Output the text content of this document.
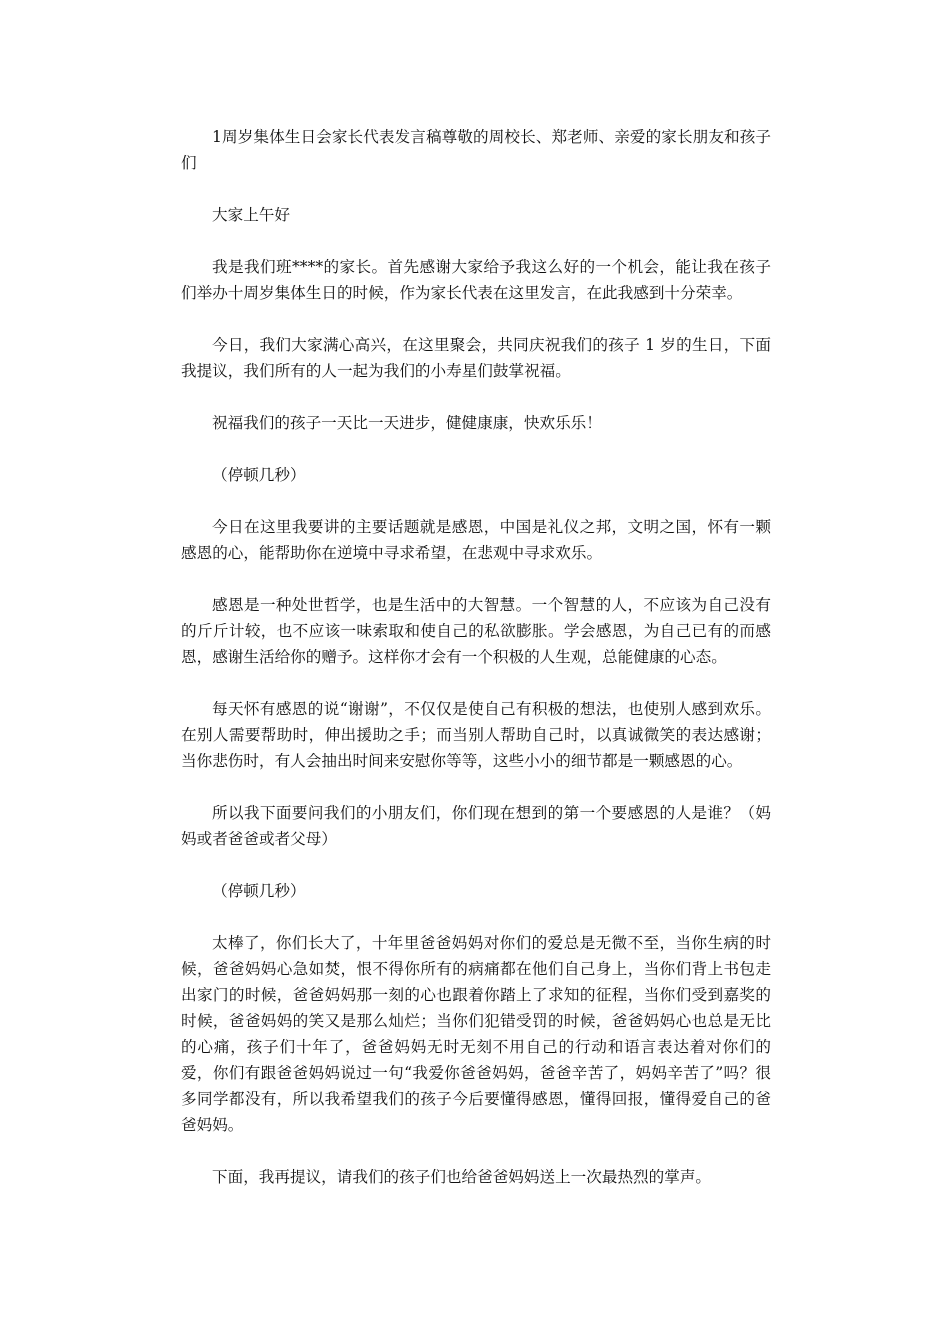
1周岁集体生日会家长代表发言稿尊敬的周校长、郑老师、亲爱的家长朋友和孩子们

大家上午好

我是我们班****的家长。首先感谢大家给予我这么好的一个机会，能让我在孩子们举办十周岁集体生日的时候，作为家长代表在这里发言，在此我感到十分荣幸。

今日，我们大家满心高兴，在这里聚会，共同庆祝我们的孩子 1 岁的生日，下面我提议，我们所有的人一起为我们的小寿星们鼓掌祝福。

祝福我们的孩子一天比一天进步，健健康康，快欢乐乐！

（停顿几秒）

今日在这里我要讲的主要话题就是感恩，中国是礼仪之邦，文明之国，怀有一颗感恩的心，能帮助你在逆境中寻求希望，在悲观中寻求欢乐。

感恩是一种处世哲学，也是生活中的大智慧。一个智慧的人，不应该为自己没有的斤斤计较，也不应该一味索取和使自己的私欲膨胀。学会感恩，为自己已有的而感恩，感谢生活给你的赠予。这样你才会有一个积极的人生观，总能健康的心态。

每天怀有感恩的说“谢谢”，不仅仅是使自己有积极的想法，也使别人感到欢乐。在别人需要帮助时，伸出援助之手；而当别人帮助自己时，以真诚微笑的表达感谢；当你悲伤时，有人会抽出时间来安慰你等等，这些小小的细节都是一颗感恩的心。

所以我下面要问我们的小朋友们，你们现在想到的第一个要感恩的人是谁？（妈妈或者爸爸或者父母）

（停顿几秒）

太棒了，你们长大了，十年里爸爸妈妈对你们的爱总是无微不至，当你生病的时候，爸爸妈妈心急如焚，恨不得你所有的病痛都在他们自己身上，当你们背上书包走出家门的时候，爸爸妈妈那一刻的心也跟着你踏上了求知的征程，当你们受到嘉奖的时候，爸爸妈妈的笑又是那么灿烂；当你们犯错受罚的时候，爸爸妈妈心也总是无比的心痛，孩子们十年了，爸爸妈妈无时无刻不用自己的行动和语言表达着对你们的爱，你们有跟爸爸妈妈说过一句“我爱你爸爸妈妈，爸爸辛苦了，妈妈辛苦了”吗？很多同学都没有，所以我希望我们的孩子今后要懂得感恩，懂得回报，懂得爱自己的爸爸妈妈。

下面，我再提议，请我们的孩子们也给爸爸妈妈送上一次最热烈的掌声。
